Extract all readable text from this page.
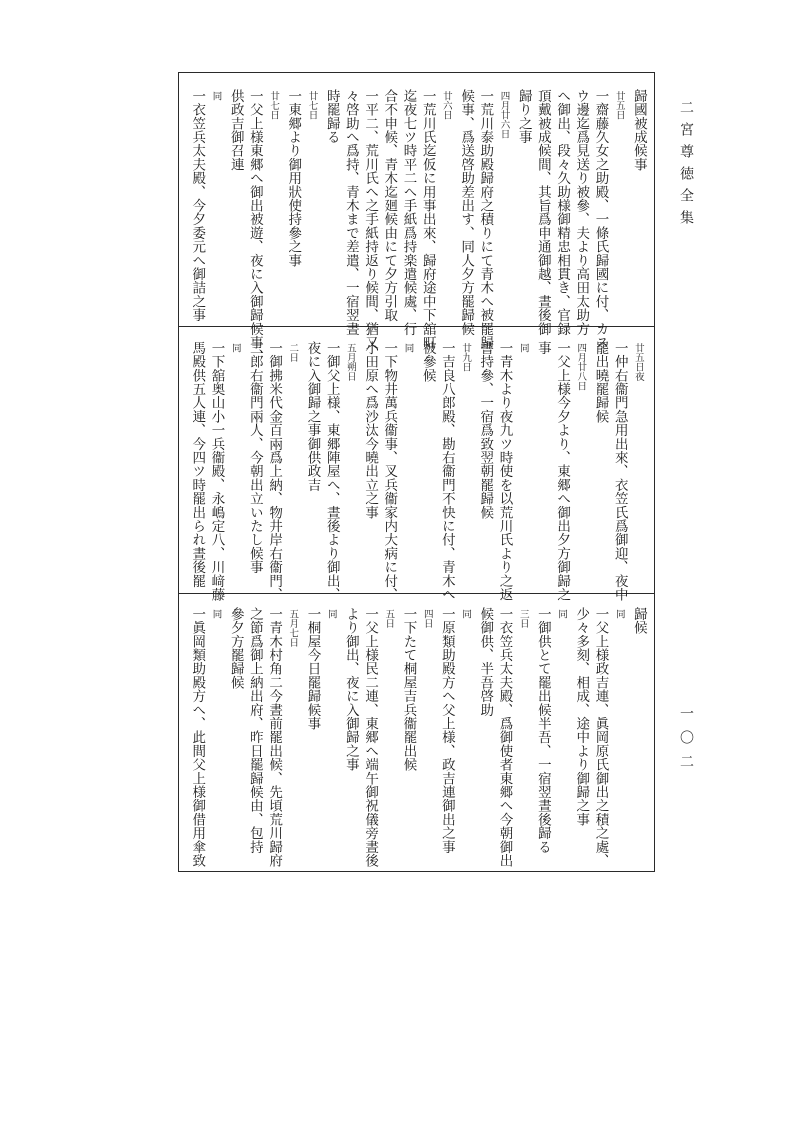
二宮尊徳全集
一〇二
歸國被成候事
廿五日
一齋藤久女之助殿、一條氏歸國に付、カス
ウ邊迄爲見送り被參、夫より高田太助方
へ御出、段々久助様御精忠相貫き、官録
頂戴被成候間、其旨爲申通御越、晝後御
歸り之事
四月廿六日
一荒川泰助殿歸府之積りにて青木へ被罷歸
候事、爲送啓助差出す、同人夕方罷歸候
廿六日
一荒川氏迄仮に用事出來、歸府途中下舘町
迄夜七ツ時平二へ手紙爲持楽遣候處、行
合不申候、青木迄廻候由にて夕方引取
一平二、荒川氏へ之手紙持返り候間、猶又
々啓助へ爲持、青木まで差遣、一宿翌晝
時罷歸る
廿七日
一東郷より御用狀使持參之事
廿七日
一父上様東郷へ御出被遊、夜に入御歸候事、
供政吉御召連
同
一衣笠兵太夫殿、今夕委元へ御詰之事
廿五日夜
一仲右衞門急用出來、衣笠氏爲御迎、夜中
罷出曉罷歸候
四月廿八日
一父上様今夕より、東郷へ御出夕方御歸之
事
同
一青木より夜九ツ時使を以荒川氏より之返
書持參、一宿爲致翌朝罷歸候
廿九日
一吉良八郎殿、勘右衞門不快に付、青木へ
被參候
同
一下物井萬兵衞事、叉兵衞家内大病に付、
小田原へ爲沙汰今曉出立之事
五月朔日
一御父上様、東郷陣屋へ、晝後より御出、
夜に入御歸之事御供政吉
二日
一御拂米代金百兩爲上納、物井岸右衞門、
三郎右衞門兩人、今朝出立いたし候事
同
一下舘奥山小一兵衞殿、永嶋定八、川﨑藤
馬殿供五人連、今四ツ時罷出られ晝後罷
歸候
同
一父上様政吉連、眞岡原氏御出之積之處、
少々多刻、相成、途中より御歸之事
同
一御供とて罷出候半吾、一宿翌晝後歸る
三日
一衣笠兵太夫殿、爲御使者東郷へ今朝御出
候御供、半吾啓助
同
一原類助殿方へ父上様、政吉連御出之事
四日
一下たて桐屋吉兵衞罷出候
五日
一父上様民二連、東郷へ端午御祝儀旁晝後
より御出、夜に入御歸之事
同
一桐屋今日罷歸候事
五月七日
一青木村角二今晝前罷出候、先頃荒川歸府
之節爲御上納出府、昨日罷歸候由、包持
參夕方罷歸候
同
一眞岡類助殿方へ、此間父上様御借用傘致
